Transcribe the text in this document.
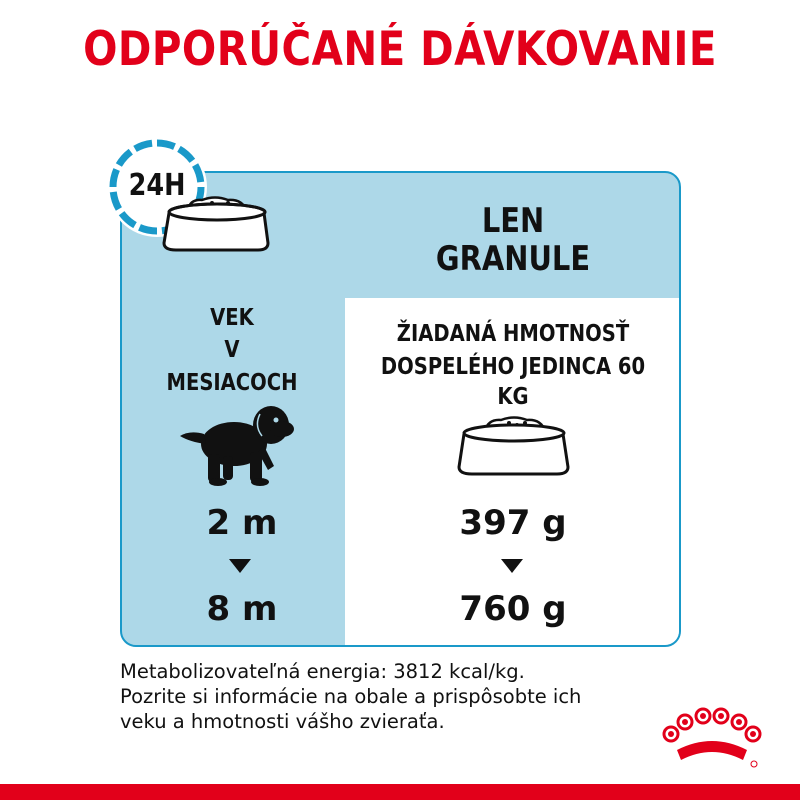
ODPORÚČANÉ DÁVKOVANIE
24H
LEN
GRANULE
VEK
V
MESIACOCH
ŽIADANÁ HMOTNOSŤ
DOSPELÉHO JEDINCA 60 KG
2 m
8 m
397 g
760 g
Metabolizovateľná energia: 3812 kcal/kg.
Pozrite si informácie na obale a prispôsobte ich
veku a hmotnosti vášho zvieraťa.
